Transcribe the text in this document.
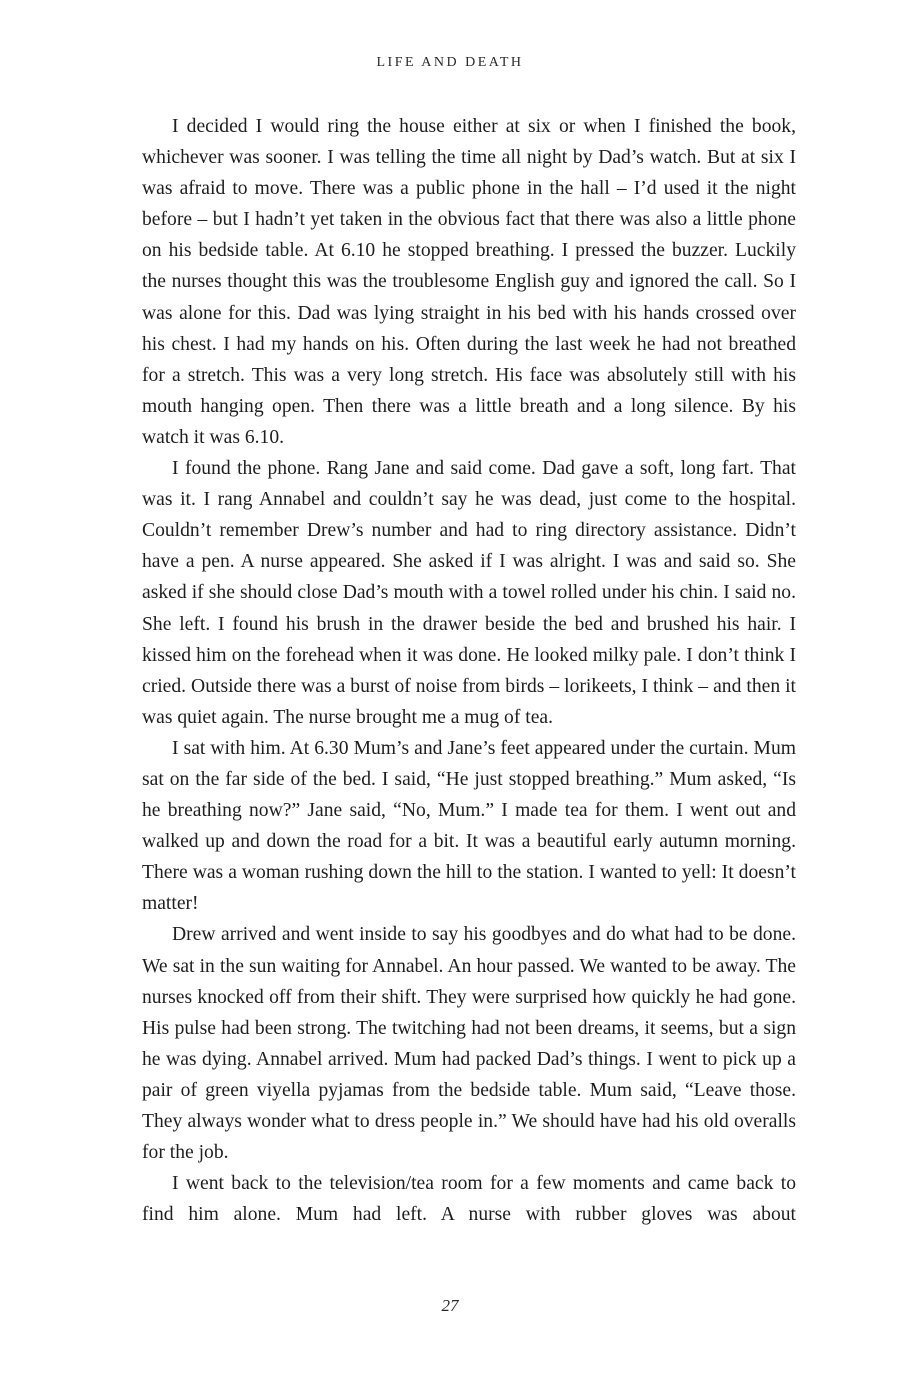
LIFE AND DEATH

I decided I would ring the house either at six or when I finished the book, whichever was sooner. I was telling the time all night by Dad’s watch. But at six I was afraid to move. There was a public phone in the hall – I’d used it the night before – but I hadn’t yet taken in the obvious fact that there was also a little phone on his bedside table. At 6.10 he stopped breathing. I pressed the buzzer. Luckily the nurses thought this was the troublesome English guy and ignored the call. So I was alone for this. Dad was lying straight in his bed with his hands crossed over his chest. I had my hands on his. Often during the last week he had not breathed for a stretch. This was a very long stretch. His face was absolutely still with his mouth hanging open. Then there was a little breath and a long silence. By his watch it was 6.10.

I found the phone. Rang Jane and said come. Dad gave a soft, long fart. That was it. I rang Annabel and couldn’t say he was dead, just come to the hospital. Couldn’t remember Drew’s number and had to ring directory assistance. Didn’t have a pen. A nurse appeared. She asked if I was alright. I was and said so. She asked if she should close Dad’s mouth with a towel rolled under his chin. I said no. She left. I found his brush in the drawer beside the bed and brushed his hair. I kissed him on the forehead when it was done. He looked milky pale. I don’t think I cried. Outside there was a burst of noise from birds – lorikeets, I think – and then it was quiet again. The nurse brought me a mug of tea.

I sat with him. At 6.30 Mum’s and Jane’s feet appeared under the curtain. Mum sat on the far side of the bed. I said, “He just stopped breathing.” Mum asked, “Is he breathing now?” Jane said, “No, Mum.” I made tea for them. I went out and walked up and down the road for a bit. It was a beautiful early autumn morning. There was a woman rushing down the hill to the station. I wanted to yell: It doesn’t matter!

Drew arrived and went inside to say his goodbyes and do what had to be done. We sat in the sun waiting for Annabel. An hour passed. We wanted to be away. The nurses knocked off from their shift. They were surprised how quickly he had gone. His pulse had been strong. The twitching had not been dreams, it seems, but a sign he was dying. Annabel arrived. Mum had packed Dad’s things. I went to pick up a pair of green viyella pyjamas from the bedside table. Mum said, “Leave those. They always wonder what to dress people in.” We should have had his old overalls for the job.

I went back to the television/tea room for a few moments and came back to find him alone. Mum had left. A nurse with rubber gloves was about

27
